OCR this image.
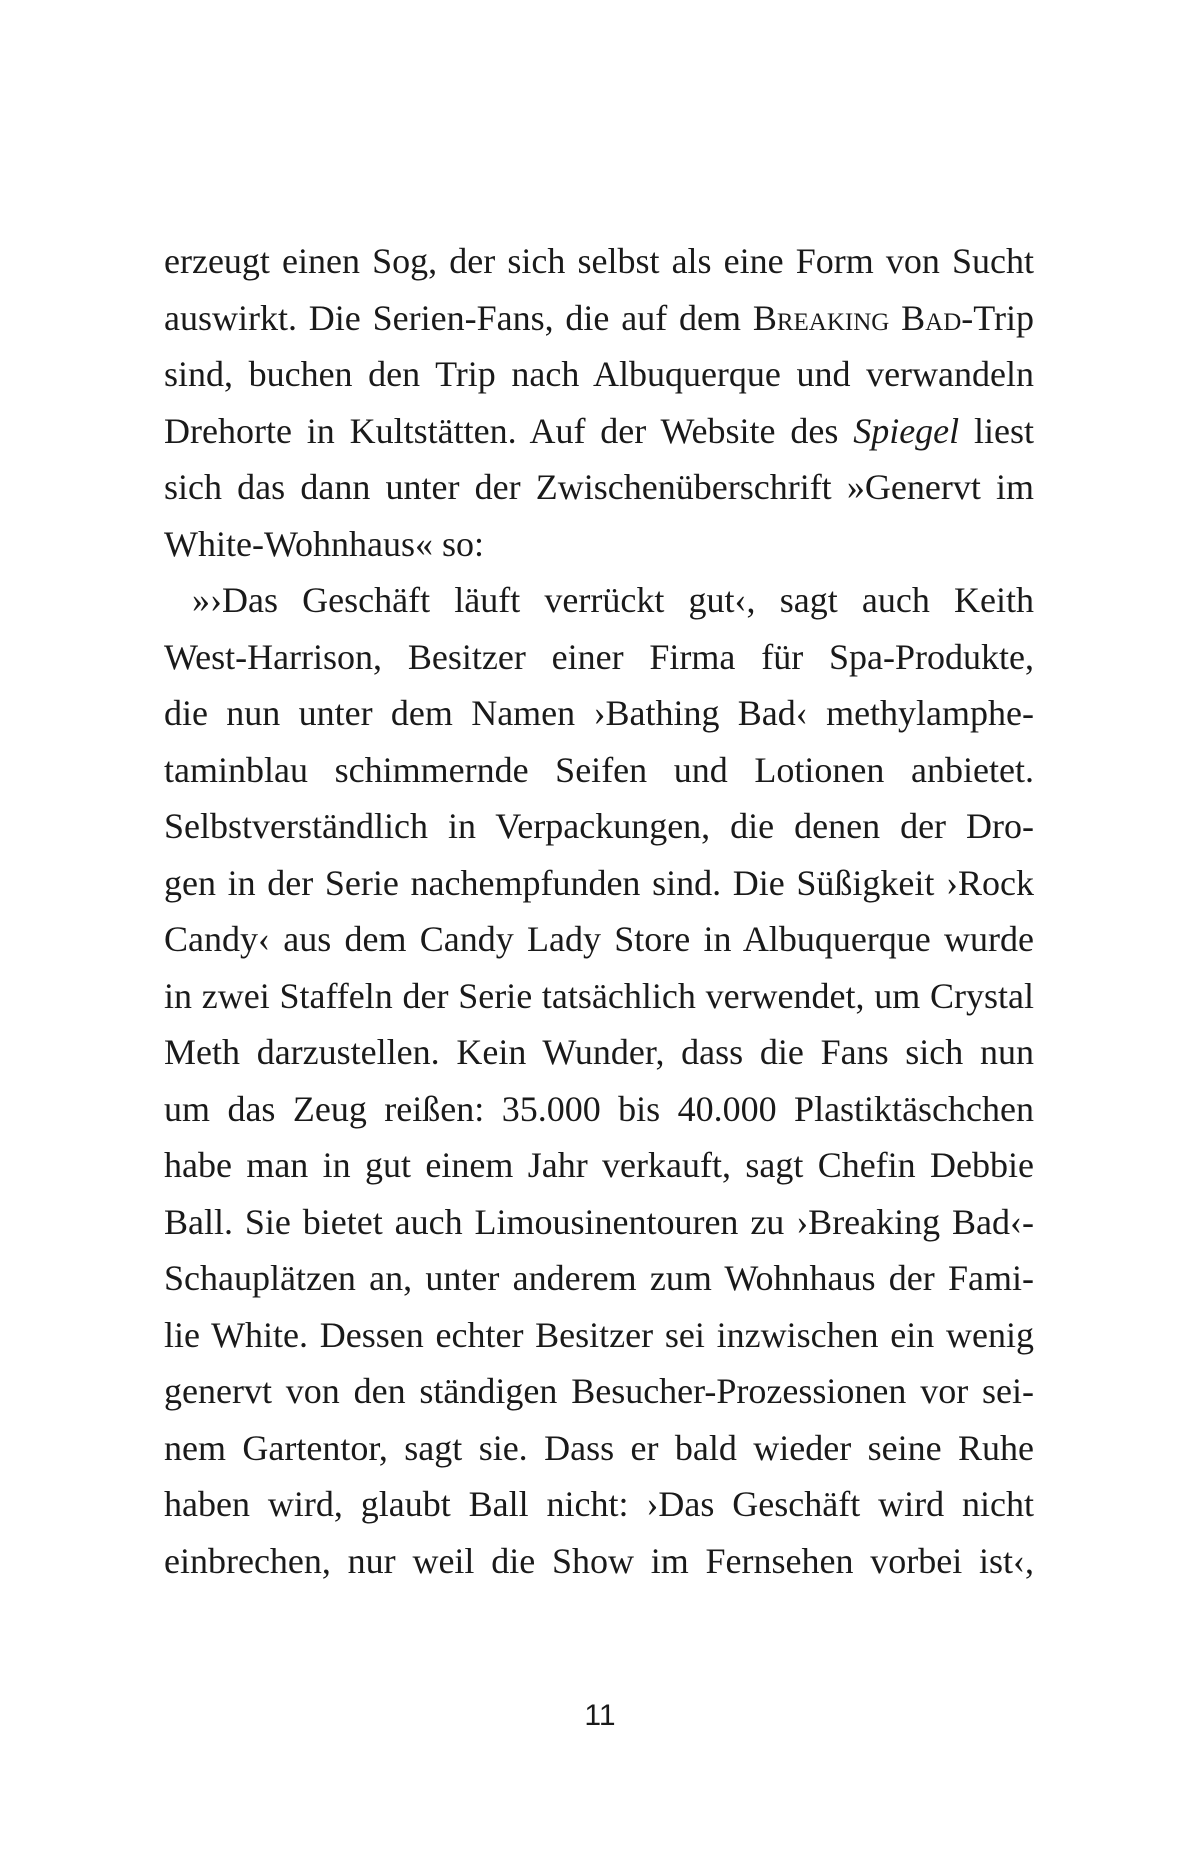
erzeugt einen Sog, der sich selbst als eine Form von Sucht
auswirkt. Die Serien-Fans, die auf dem Breaking Bad-Trip
sind, buchen den Trip nach Albuquerque und verwandeln
Drehorte in Kultstätten. Auf der Website des Spiegel liest
sich das dann unter der Zwischenüberschrift »Genervt im
White-Wohnhaus« so:
»›Das Geschäft läuft verrückt gut‹, sagt auch Keith
West-Harrison, Besitzer einer Firma für Spa-Produkte,
die nun unter dem Namen ›Bathing Bad‹ methylamphe-
taminblau schimmernde Seifen und Lotionen anbietet.
Selbstverständlich in Verpackungen, die denen der Dro-
gen in der Serie nachempfunden sind. Die Süßigkeit ›Rock
Candy‹ aus dem Candy Lady Store in Albuquerque wurde
in zwei Staffeln der Serie tatsächlich verwendet, um Crystal
Meth darzustellen. Kein Wunder, dass die Fans sich nun
um das Zeug reißen: 35.000 bis 40.000 Plastiktäschchen
habe man in gut einem Jahr verkauft, sagt Chefin Debbie
Ball. Sie bietet auch Limousinentouren zu ›Breaking Bad‹-
Schauplätzen an, unter anderem zum Wohnhaus der Fami-
lie White. Dessen echter Besitzer sei inzwischen ein wenig
genervt von den ständigen Besucher-Prozessionen vor sei-
nem Gartentor, sagt sie. Dass er bald wieder seine Ruhe
haben wird, glaubt Ball nicht: ›Das Geschäft wird nicht
einbrechen, nur weil die Show im Fernsehen vorbei ist‹,
11
